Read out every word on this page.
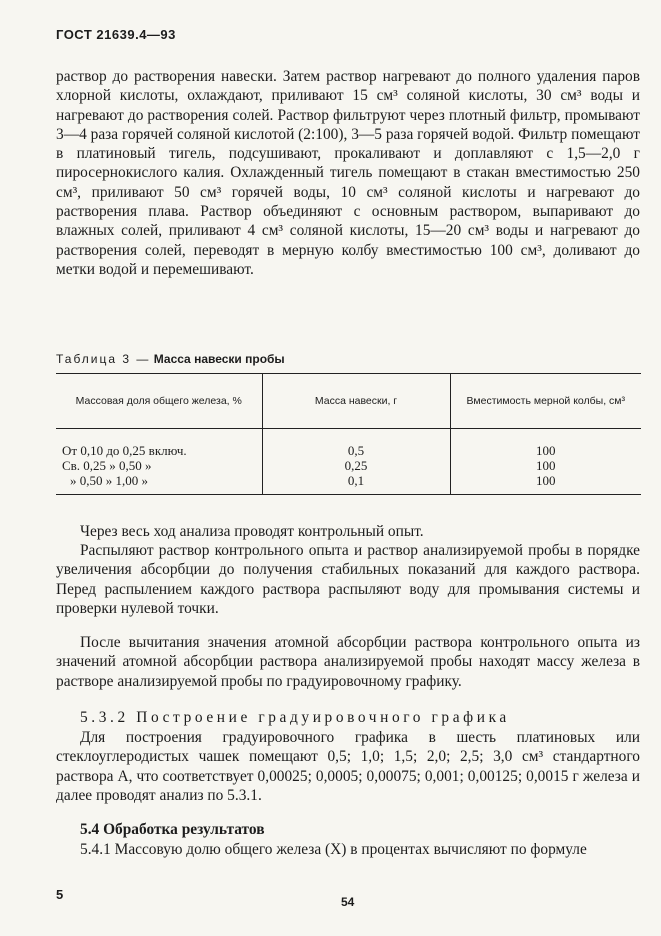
ГОСТ 21639.4—93
раствор до растворения навески. Затем раствор нагревают до полного удаления паров хлорной кислоты, охлаждают, приливают 15 см³ соляной кислоты, 30 см³ воды и нагревают до растворения солей. Раствор фильтруют через плотный фильтр, промывают 3—4 раза горячей соляной кислотой (2:100), 3—5 раза горячей водой. Фильтр помещают в платиновый тигель, подсушивают, прокаливают и доплавляют с 1,5—2,0 г пиросернокислого калия. Охлажденный тигель помещают в стакан вместимостью 250 см³, приливают 50 см³ горячей воды, 10 см³ соляной кислоты и нагревают до растворения плава. Раствор объединяют с основным раствором, выпаривают до влажных солей, приливают 4 см³ соляной кислоты, 15—20 см³ воды и нагревают до растворения солей, переводят в мерную колбу вместимостью 100 см³, доливают до метки водой и перемешивают.
Таблица 3 — Масса навески пробы
Массовая доля общего железа, %	Масса навески, г	Вместимость мерной колбы, см³
От 0,10 до 0,25 включ.	0,5	100
Св. 0,25 » 0,50 »	0,25	100
» 0,50 » 1,00 »	0,1	100
Через весь ход анализа проводят контрольный опыт.
Распыляют раствор контрольного опыта и раствор анализируемой пробы в порядке увеличения абсорбции до получения стабильных показаний для каждого раствора. Перед распылением каждого раствора распыляют воду для промывания системы и проверки нулевой точки.
После вычитания значения атомной абсорбции раствора контрольного опыта из значений атомной абсорбции раствора анализируемой пробы находят массу железа в растворе анализируемой пробы по градуировочному графику.
5.3.2 Построение градуировочного графика
Для построения градуировочного графика в шесть платиновых или стеклоуглеродистых чашек помещают 0,5; 1,0; 1,5; 2,0; 2,5; 3,0 см³ стандартного раствора А, что соответствует 0,00025; 0,0005; 0,00075; 0,001; 0,00125; 0,0015 г железа и далее проводят анализ по 5.3.1.
5.4 Обработка результатов
5.4.1 Массовую долю общего железа (X) в процентах вычисляют по формуле
5	54
